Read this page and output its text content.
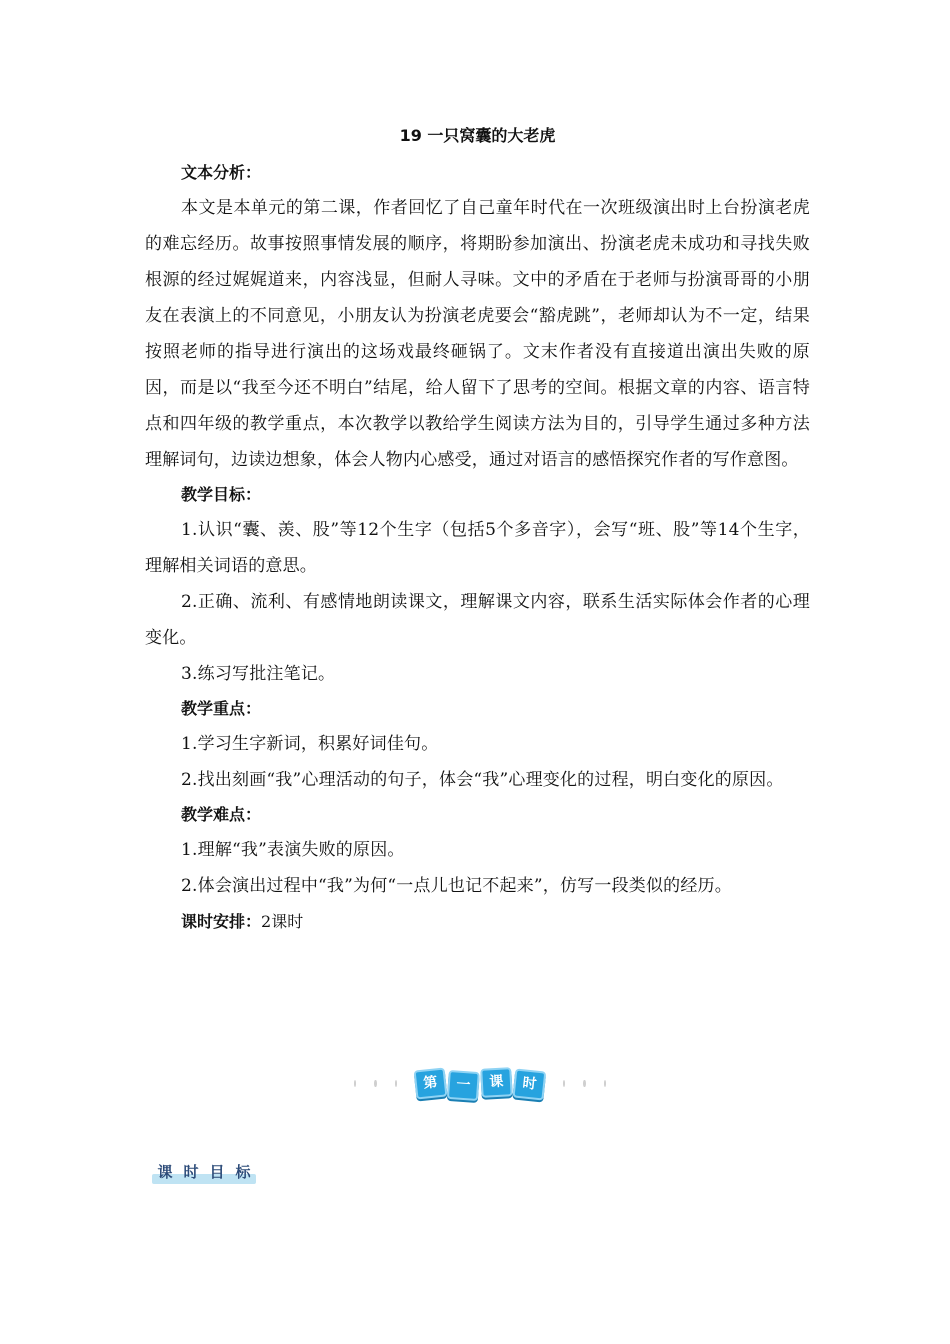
19 一只窝囊的大老虎
文本分析：

本文是本单元的第二课，作者回忆了自己童年时代在一次班级演出时上台扮演老虎的难忘经历。故事按照事情发展的顺序，将期盼参加演出、扮演老虎未成功和寻找失败根源的经过娓娓道来，内容浅显，但耐人寻味。文中的矛盾在于老师与扮演哥哥的小朋友在表演上的不同意见，小朋友认为扮演老虎要会“豁虎跳”，老师却认为不一定，结果按照老师的指导进行演出的这场戏最终砸锅了。文末作者没有直接道出演出失败的原因，而是以“我至今还不明白”结尾，给人留下了思考的空间。根据文章的内容、语言特点和四年级的教学重点，本次教学以教给学生阅读方法为目的，引导学生通过多种方法理解词句，边读边想象，体会人物内心感受，通过对语言的感悟探究作者的写作意图。

教学目标：

1.认识“囊、羡、股”等12个生字（包括5个多音字），会写“班、股”等14个生字，理解相关词语的意思。

2.正确、流利、有感情地朗读课文，理解课文内容，联系生活实际体会作者的心理变化。

3.练习写批注笔记。

教学重点：

1.学习生字新词，积累好词佳句。

2.找出刻画“我”心理活动的句子，体会“我”心理变化的过程，明白变化的原因。

教学难点：

1.理解“我”表演失败的原因。

2.体会演出过程中“我”为何“一点儿也记不起来”，仿写一段类似的经历。

课时安排：2课时

第	一	课	时
课 时 目 标
